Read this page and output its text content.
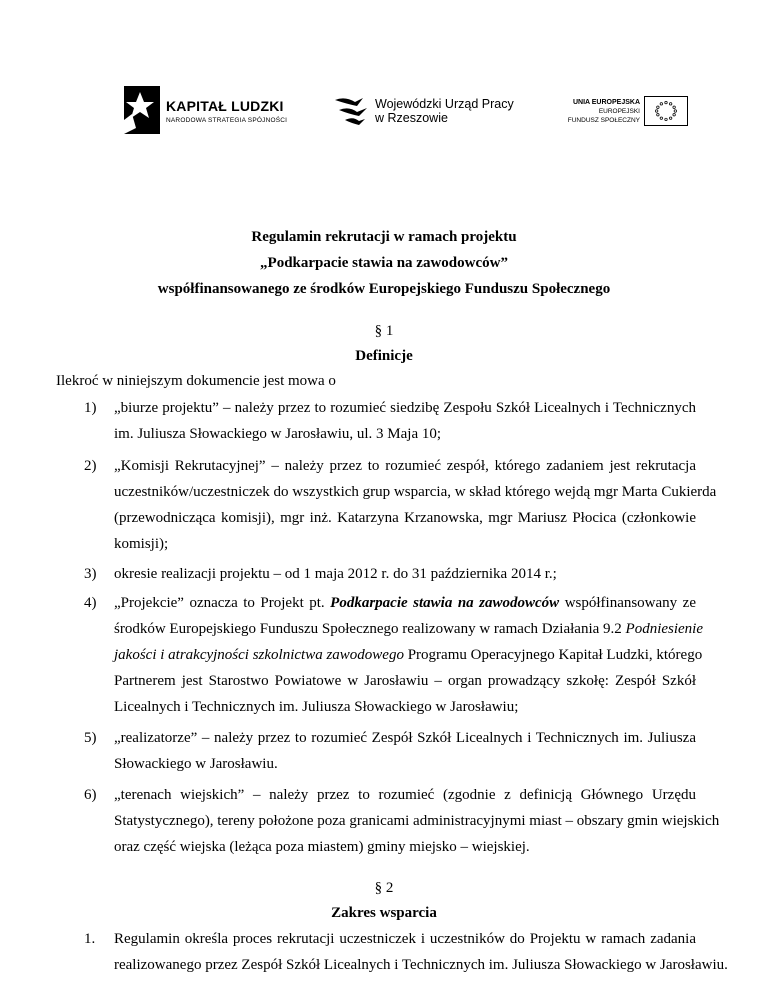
KAPITAŁ LUDZKI
NARODOWA STRATEGIA SPÓJNOŚCI
Wojewódzki Urząd Pracy
w Rzeszowie
UNIA EUROPEJSKA
EUROPEJSKI
FUNDUSZ SPOŁECZNY
Regulamin rekrutacji w ramach projektu
„Podkarpacie stawia na zawodowców”
współfinansowanego ze środków Europejskiego Funduszu Społecznego
§ 1
Definicje
Ilekroć w niniejszym dokumencie jest mowa o
1) „biurze projektu” – należy przez to rozumieć siedzibę Zespołu Szkół Licealnych i Technicznych
im. Juliusza Słowackiego w Jarosławiu, ul. 3 Maja 10;
2) „Komisji Rekrutacyjnej” – należy przez to rozumieć zespół, którego zadaniem jest rekrutacja
uczestników/uczestniczek do wszystkich grup wsparcia, w skład którego wejdą mgr Marta Cukierda
(przewodnicząca komisji), mgr inż. Katarzyna Krzanowska, mgr Mariusz Płocica (członkowie
komisji);
3) okresie realizacji projektu – od 1 maja 2012 r. do 31 października 2014 r.;
4) „Projekcie” oznacza to Projekt pt. Podkarpacie stawia na zawodowców współfinansowany ze
środków Europejskiego Funduszu Społecznego realizowany w ramach Działania 9.2 Podniesienie
jakości i atrakcyjności szkolnictwa zawodowego Programu Operacyjnego Kapitał Ludzki, którego
Partnerem jest Starostwo Powiatowe w Jarosławiu – organ prowadzący szkołę: Zespół Szkół
Licealnych i Technicznych im. Juliusza Słowackiego w Jarosławiu;
5) „realizatorze” – należy przez to rozumieć Zespół Szkół Licealnych i Technicznych im. Juliusza
Słowackiego w Jarosławiu.
6) „terenach wiejskich” – należy przez to rozumieć (zgodnie z definicją Głównego Urzędu
Statystycznego), tereny położone poza granicami administracyjnymi miast – obszary gmin wiejskich
oraz część wiejska (leżąca poza miastem) gminy miejsko – wiejskiej.
§ 2
Zakres wsparcia
1. Regulamin określa proces rekrutacji uczestniczek i uczestników do Projektu w ramach zadania
realizowanego przez Zespół Szkół Licealnych i Technicznych im. Juliusza Słowackiego w Jarosławiu.
